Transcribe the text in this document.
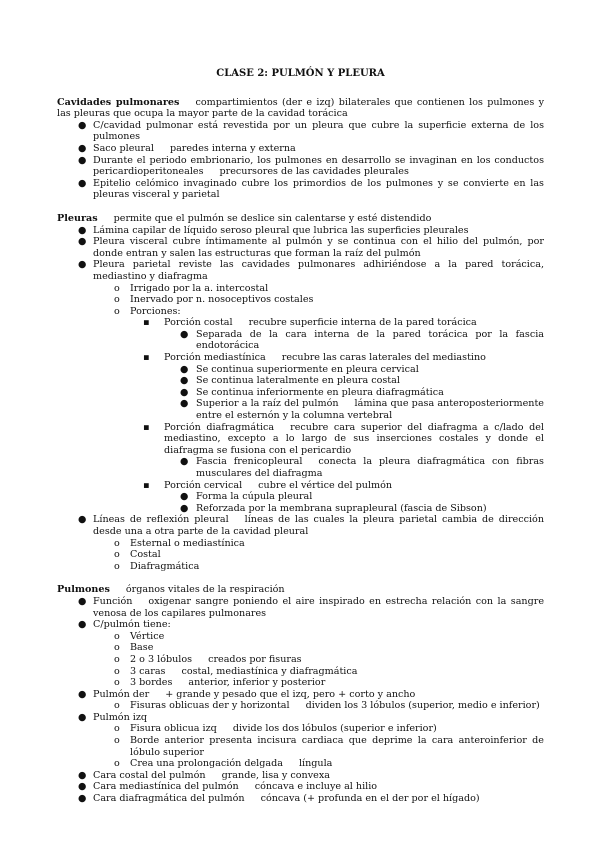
CLASE 2: PULMÓN Y PLEURA
Cavidades pulmonares → compartimientos (der e izq) bilaterales que contienen los pulmones y las pleuras que ocupa la mayor parte de la cavidad torácica
● C/cavidad pulmonar está revestida por un pleura que cubre la superficie externa de los pulmones
● Saco pleural → paredes interna y externa
● Durante el periodo embrionario, los pulmones en desarrollo se invaginan en los conductos pericardioperitoneales → precursores de las cavidades pleurales
● Epitelio celómico invaginado cubre los primordios de los pulmones y se convierte en las pleuras visceral y parietal
Pleuras → permite que el pulmón se deslice sin calentarse y esté distendido
● Lámina capilar de líquido seroso pleural que lubrica las superficies pleurales
● Pleura visceral cubre íntimamente al pulmón y se continua con el hilio del pulmón, por donde entran y salen las estructuras que forman la raíz del pulmón
● Pleura parietal reviste las cavidades pulmonares adhiriéndose a la pared torácica, mediastino y diafragma
o	Irrigado por la a. intercostal
o	Inervado por n. nosoceptivos costales
o	Porciones:
▪	Porción costal → recubre superficie interna de la pared torácica
● Separada de la cara interna de la pared torácica por la fascia endotorácica
▪	Porción mediastínica → recubre las caras laterales del mediastino
● Se continua superiormente en pleura cervical
● Se continua lateralmente en pleura costal
● Se continua inferiormente en pleura diafragmática
● Superior a la raíz del pulmón → lámina que pasa anteroposteriormente entre el esternón y la columna vertebral
▪	Porción diafragmática → recubre cara superior del diafragma a c/lado del mediastino, excepto a lo largo de sus inserciones costales y donde el diafragma se fusiona con el pericardio
● Fascia frenicopleural → conecta la pleura diafragmática con fibras musculares del diafragma
▪	Porción cervical → cubre el vértice del pulmón
● Forma la cúpula pleural
● Reforzada por la membrana suprapleural (fascia de Sibson)
● Líneas de reflexión pleural → líneas de las cuales la pleura parietal cambia de dirección desde una a otra parte de la cavidad pleural
o	Esternal o mediastínica
o	Costal
o	Diafragmática
Pulmones → órganos vitales de la respiración
● Función → oxigenar sangre poniendo el aire inspirado en estrecha relación con la sangre venosa de los capilares pulmonares
● C/pulmón tiene:
o	Vértice
o	Base
o	2 o 3 lóbulos → creados por fisuras
o	3 caras → costal, mediastínica y diafragmática
o	3 bordes → anterior, inferior y posterior
● Pulmón der → + grande y pesado que el izq, pero + corto y ancho
o	Fisuras oblicuas der y horizontal → dividen los 3 lóbulos (superior, medio e inferior)
● Pulmón izq
o	Fisura oblicua izq → divide los dos lóbulos (superior e inferior)
o	Borde anterior presenta incisura cardiaca que deprime la cara anteroinferior de lóbulo superior
o	Crea una prolongación delgada → língula
● Cara costal del pulmón → grande, lisa y convexa
● Cara mediastínica del pulmón → cóncava e incluye al hilio
● Cara diafragmática del pulmón → cóncava (+ profunda en el der por el hígado)
